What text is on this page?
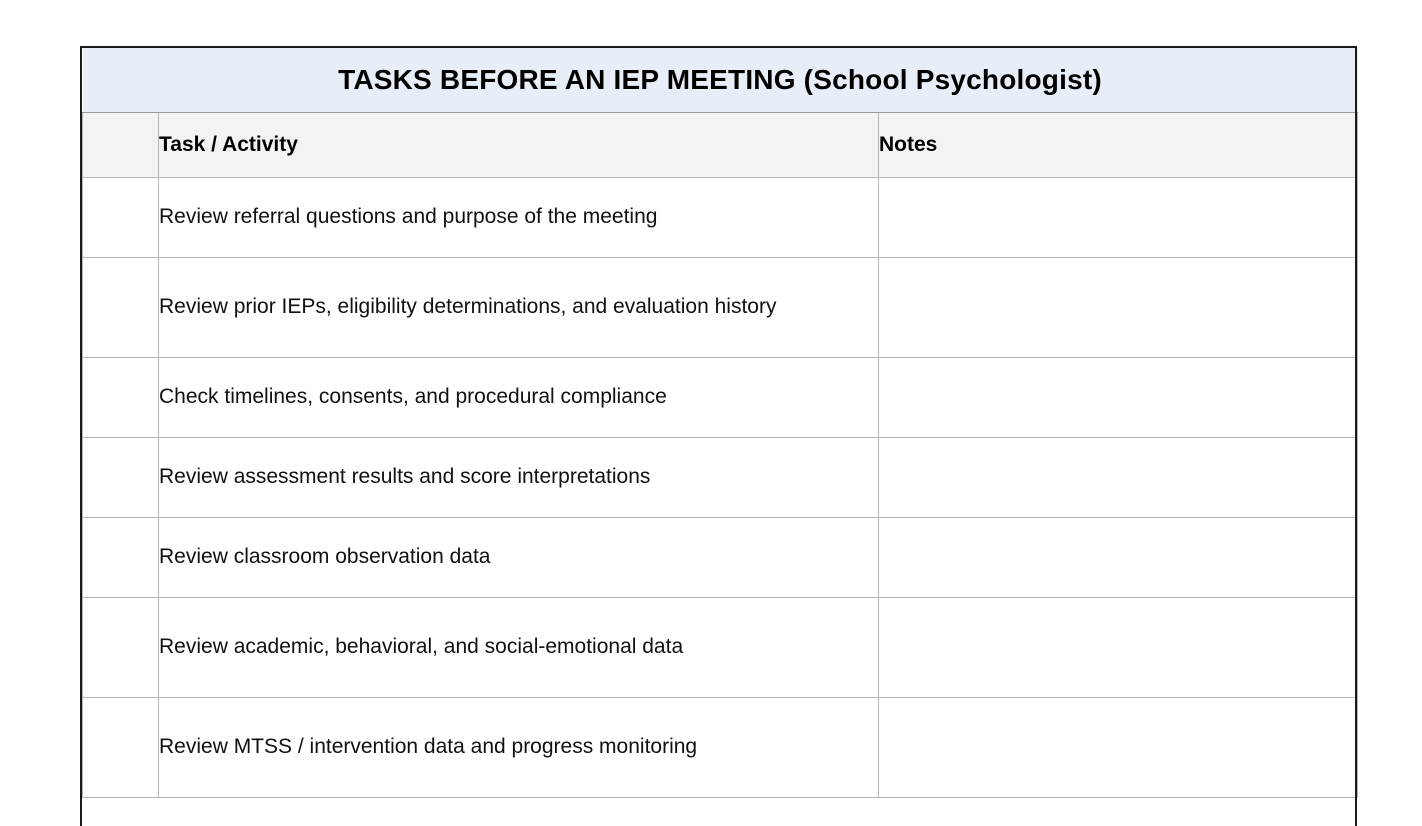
TASKS BEFORE AN IEP MEETING (School Psychologist)		
	Task / Activity	Notes
	Review referral questions and purpose of the meeting	
	Review prior IEPs, eligibility determinations, and evaluation history	
	Check timelines, consents, and procedural compliance	
	Review assessment results and score interpretations	
	Review classroom observation data	
	Review academic, behavioral, and social-emotional data	
	Review MTSS / intervention data and progress monitoring	
